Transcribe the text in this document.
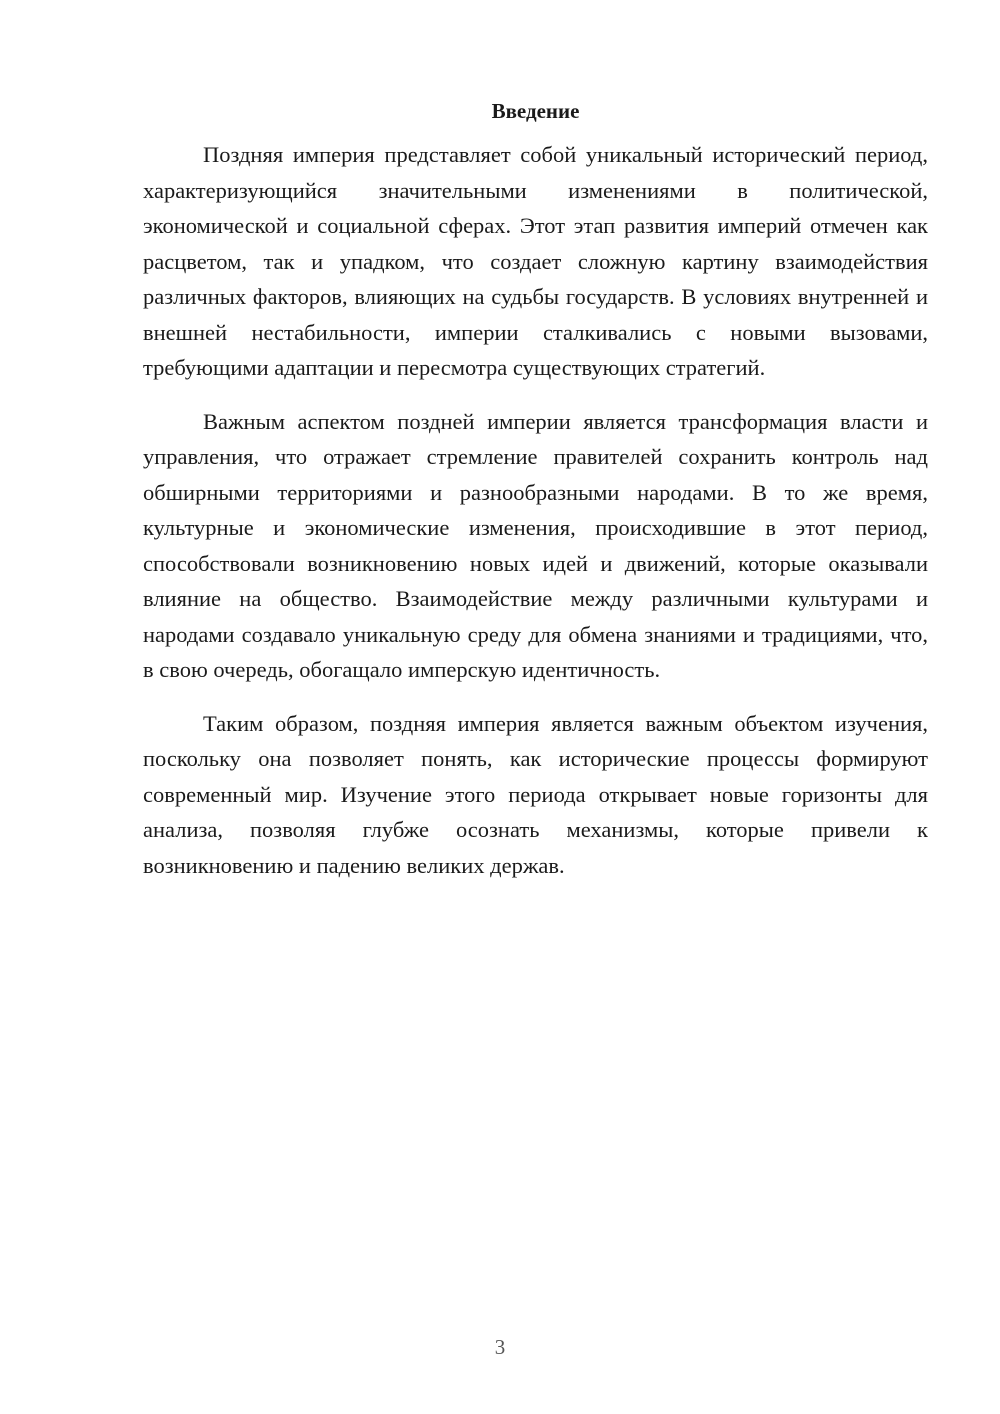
Введение

Поздняя империя представляет собой уникальный исторический период, характеризующийся значительными изменениями в политической, экономической и социальной сферах. Этот этап развития империй отмечен как расцветом, так и упадком, что создает сложную картину взаимодействия различных факторов, влияющих на судьбы государств. В условиях внутренней и внешней нестабильности, империи сталкивались с новыми вызовами, требующими адаптации и пересмотра существующих стратегий.

Важным аспектом поздней империи является трансформация власти и управления, что отражает стремление правителей сохранить контроль над обширными территориями и разнообразными народами. В то же время, культурные и экономические изменения, происходившие в этот период, способствовали возникновению новых идей и движений, которые оказывали влияние на общество. Взаимодействие между различными культурами и народами создавало уникальную среду для обмена знаниями и традициями, что, в свою очередь, обогащало имперскую идентичность.

Таким образом, поздняя империя является важным объектом изучения, поскольку она позволяет понять, как исторические процессы формируют современный мир. Изучение этого периода открывает новые горизонты для анализа, позволяя глубже осознать механизмы, которые привели к возникновению и падению великих держав.

3
